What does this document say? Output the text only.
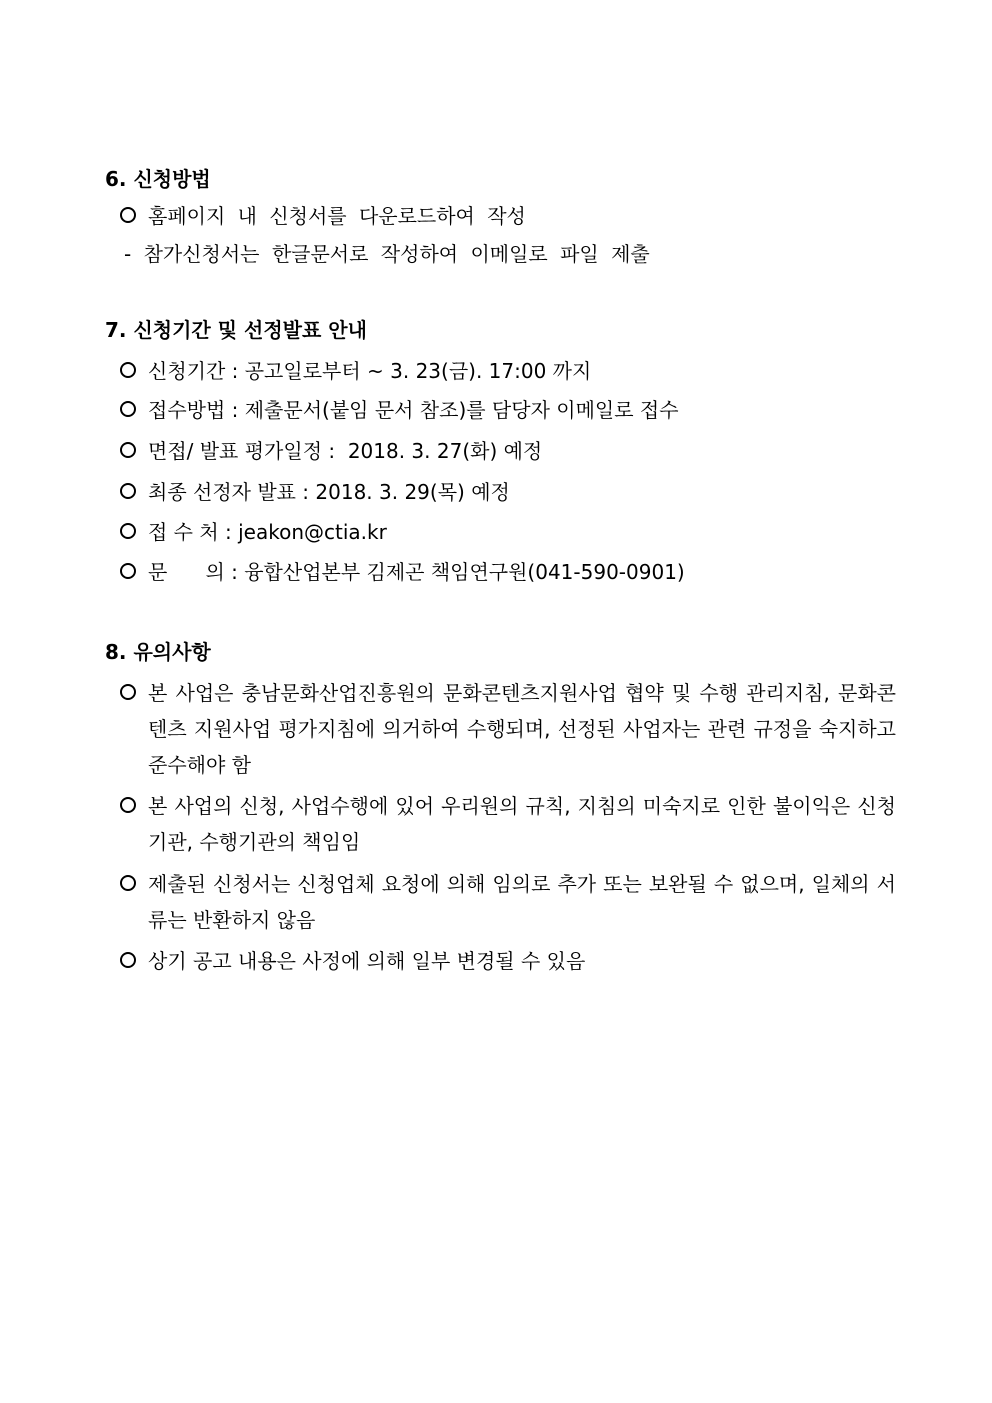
6. 신청방법
홈페이지 내 신청서를 다운로드하여 작성
- 참가신청서는 한글문서로 작성하여 이메일로 파일 제출
7. 신청기간 및 선정발표 안내
신청기간 : 공고일로부터 ~ 3. 23(금). 17:00 까지
접수방법 : 제출문서(붙임 문서 참조)를 담당자 이메일로 접수
면접/ 발표 평가일정 :  2018. 3. 27(화) 예정
최종 선정자 발표 : 2018. 3. 29(목) 예정
접 수 처 : jeakon@ctia.kr
문      의 : 융합산업본부 김제곤 책임연구원(041-590-0901)
8. 유의사항
본 사업은 충남문화산업진흥원의 문화콘텐츠지원사업 협약 및 수행 관리지침, 문화콘텐츠 지원사업 평가지침에 의거하여 수행되며, 선정된 사업자는 관련 규정을 숙지하고 준수해야 함
본 사업의 신청, 사업수행에 있어 우리원의 규칙, 지침의 미숙지로 인한 불이익은 신청기관, 수행기관의 책임임
제출된 신청서는 신청업체 요청에 의해 임의로 추가 또는 보완될 수 없으며, 일체의 서류는 반환하지 않음
상기 공고 내용은 사정에 의해 일부 변경될 수 있음
